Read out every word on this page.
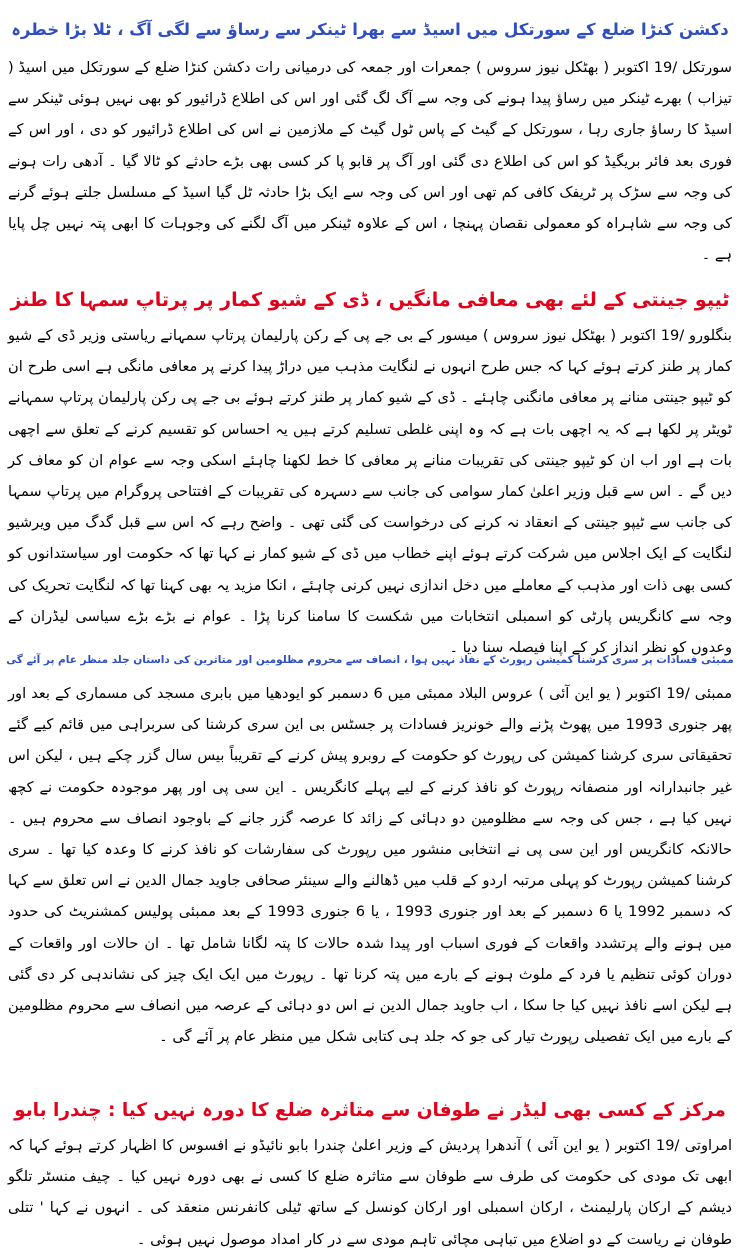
دکشن کنڑا ضلع کے سورتکل میں اسیڈ سے بھرا ٹینکر سے رساؤ سے لگی آگ ، ٹلا بڑا خطرہ

سورتکل /19 اکتوبر ( بھٹکل نیوز سروس ) جمعرات اور جمعہ کی درمیانی رات دکشن کنڑا ضلع کے سورتکل میں اسیڈ ( تیزاب ) بھرے ٹینکر میں رساؤ پیدا ہونے کی وجہ سے آگ لگ گئی اور اس کی اطلاع ڈرائیور کو بھی نہیں ہوئی ٹینکر سے اسیڈ کا رساؤ جاری رہا ، سورتکل کے گیٹ کے پاس ٹول گیٹ کے ملازمین نے اس کی اطلاع ڈرائیور کو دی ، اور اس کے فوری بعد فائر بریگیڈ کو اس کی اطلاع دی گئی اور آگ پر قابو پا کر کسی بھی بڑے حادثے کو ٹالا گیا ۔ آدھی رات ہونے کی وجہ سے سڑک پر ٹریفک کافی کم تھی اور اس کی وجہ سے ایک بڑا حادثہ ٹل گیا اسیڈ کے مسلسل جلتے ہوئے گرنے کی وجہ سے شاہراہ کو معمولی نقصان پہنچا ، اس کے علاوہ ٹینکر میں آگ لگنے کی وجوہات کا ابھی پتہ نہیں چل پایا ہے ۔

ٹیپو جینتی کے لئے بھی معافی مانگیں ، ڈی کے شیو کمار پر پرتاپ سمہا کا طنز

بنگلورو /19 اکتوبر ( بھٹکل نیوز سروس ) میسور کے بی جے پی کے رکن پارلیمان پرتاپ سمہانے ریاستی وزیر ڈی کے شیو کمار پر طنز کرتے ہوئے کہا کہ جس طرح انہوں نے لنگایت مذہب میں دراڑ پیدا کرنے پر معافی مانگی ہے اسی طرح ان کو ٹیپو جینتی منانے پر معافی مانگنی چاہئے ۔ ڈی کے شیو کمار پر طنز کرتے ہوئے بی جے پی رکن پارلیمان پرتاپ سمہانے ٹویٹر پر لکھا ہے کہ یہ اچھی بات ہے کہ وہ اپنی غلطی تسلیم کرتے ہیں یہ احساس کو تقسیم کرنے کے تعلق سے اچھی بات ہے اور اب ان کو ٹیپو جینتی کی تقریبات منانے پر معافی کا خط لکھنا چاہئے اسکی وجہ سے عوام ان کو معاف کر دیں گے ۔ اس سے قبل وزیر اعلیٰ کمار سوامی کی جانب سے دسہرہ کی تقریبات کے افتتاحی پروگرام میں پرتاپ سمہا کی جانب سے ٹیپو جینتی کے انعقاد نہ کرنے کی درخواست کی گئی تھی ۔ واضح رہے کہ اس سے قبل گدگ میں ویرشیو لنگایت کے ایک اجلاس میں شرکت کرتے ہوئے اپنے خطاب میں ڈی کے شیو کمار نے کہا تھا کہ حکومت اور سیاستدانوں کو کسی بھی ذات اور مذہب کے معاملے میں دخل اندازی نہیں کرنی چاہئے ، انکا مزید یہ بھی کہنا تھا کہ لنگایت تحریک کی وجہ سے کانگریس پارٹی کو اسمبلی انتخابات میں شکست کا سامنا کرنا پڑا ۔ عوام نے بڑے بڑے سیاسی لیڈران کے وعدوں کو نظر انداز کر کے اپنا فیصلہ سنا دیا ۔

ممبئی فسادات پر سری کرشنا کمیشن رپورٹ کے نفاذ نہیں ہوا ، انصاف سے محروم مظلومین اور متاثرین کی داستان جلد منظر عام پر آئے گی

ممبئی /19 اکتوبر ( یو این آئی ) عروس البلاد ممبئی میں 6 دسمبر کو ایودھیا میں بابری مسجد کی مسماری کے بعد اور پھر جنوری 1993 میں پھوٹ پڑنے والے خونریز فسادات پر جسٹس بی این سری کرشنا کی سربراہی میں قائم کیے گئے تحقیقاتی سری کرشنا کمیشن کی رپورٹ کو حکومت کے روبرو پیش کرنے کے تقریباً بیس سال گزر چکے ہیں ، لیکن اس غیر جانبدارانہ اور منصفانہ رپورٹ کو نافذ کرنے کے لیے پہلے کانگریس ۔ این سی پی اور پھر موجودہ حکومت نے کچھ نہیں کیا ہے ، جس کی وجہ سے مظلومین دو دہائی کے زائد کا عرصہ گزر جانے کے باوجود انصاف سے محروم ہیں ۔ حالانکہ کانگریس اور این سی پی نے انتخابی منشور میں رپورٹ کی سفارشات کو نافذ کرنے کا وعدہ کیا تھا ۔ سری کرشنا کمیشن رپورٹ کو پہلی مرتبہ اردو کے قلب میں ڈھالنے والے سینئر صحافی جاوید جمال الدین نے اس تعلق سے کہا کہ دسمبر 1992 یا 6 دسمبر کے بعد اور جنوری 1993 ، یا 6 جنوری 1993 کے بعد ممبئی پولیس کمشنریٹ کی حدود میں ہونے والے پرتشدد واقعات کے فوری اسباب اور پیدا شدہ حالات کا پتہ لگانا شامل تھا ۔ ان حالات اور واقعات کے دوران کوئی تنظیم یا فرد کے ملوث ہونے کے بارے میں پتہ کرنا تھا ۔ رپورٹ میں ایک ایک چیز کی نشاندہی کر دی گئی ہے لیکن اسے نافذ نہیں کیا جا سکا ، اب جاوید جمال الدین نے اس دو دہائی کے عرصہ میں انصاف سے محروم مظلومین کے بارے میں ایک تفصیلی رپورٹ تیار کی جو کہ جلد ہی کتابی شکل میں منظر عام پر آئے گی ۔

مرکز کے کسی بھی لیڈر نے طوفان سے متاثرہ ضلع کا دورہ نہیں کیا : چندرا بابو

امراوتی /19 اکتوبر ( یو این آئی ) آندھرا پردیش کے وزیر اعلیٰ چندرا بابو نائیڈو نے افسوس کا اظہار کرتے ہوئے کہا کہ ابھی تک مودی کی حکومت کی طرف سے طوفان سے متاثرہ ضلع کا کسی نے بھی دورہ نہیں کیا ۔ چیف منسٹر تلگو دیشم کے ارکان پارلیمنٹ ، ارکان اسمبلی اور ارکان کونسل کے ساتھ ٹیلی کانفرنس منعقد کی ۔ انہوں نے کہا ' تتلی طوفان نے ریاست کے دو اضلاع میں تباہی مچائی تاہم مودی سے در کار امداد موصول نہیں ہوئی ۔
